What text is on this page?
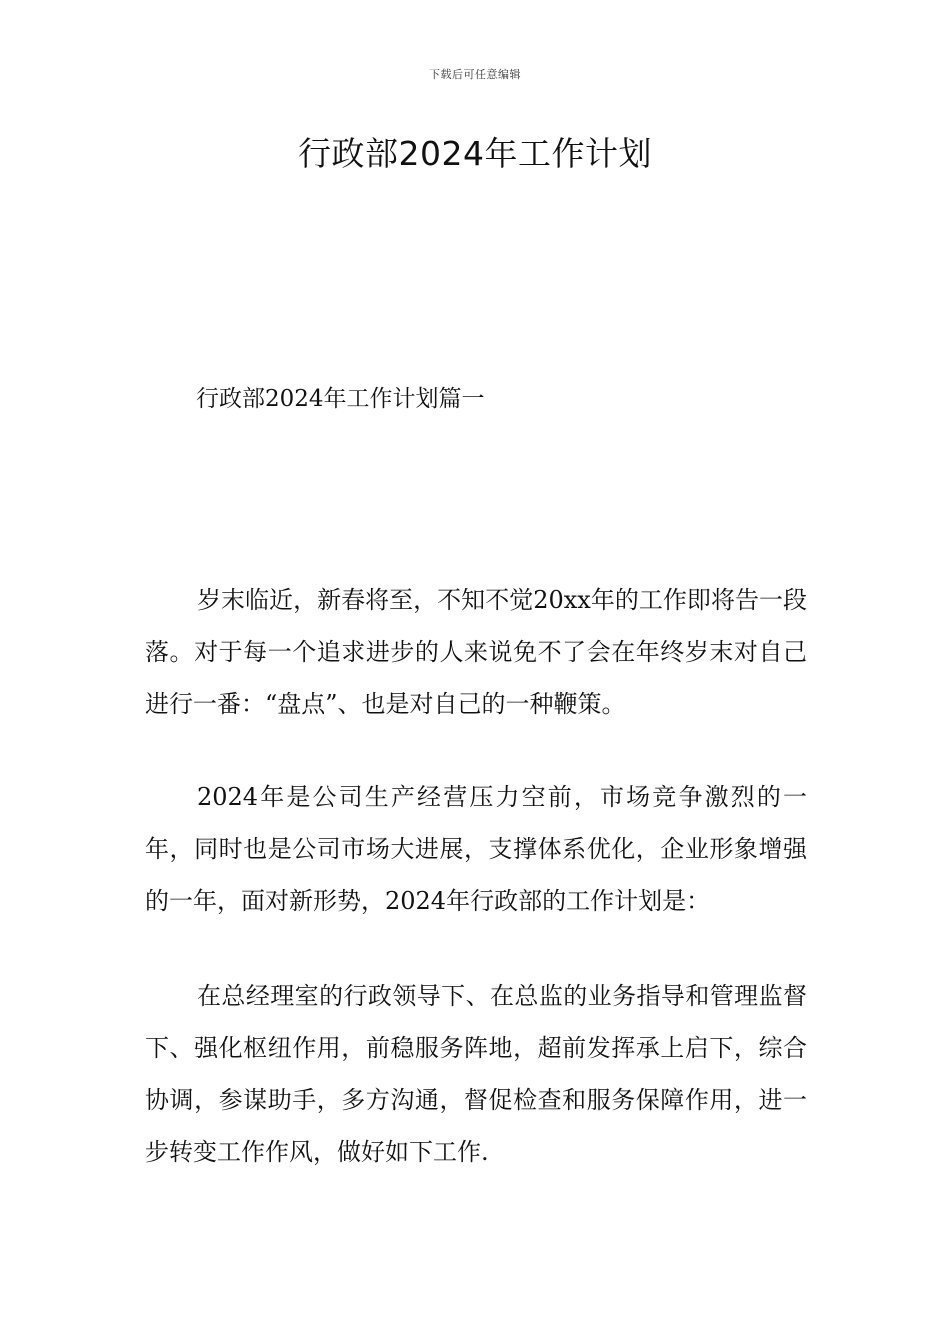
下载后可任意编辑
行政部2024年工作计划
行政部2024年工作计划篇一

岁末临近，新春将至，不知不觉20xx年的工作即将告一段落。对于每一个追求进步的人来说免不了会在年终岁末对自己进行一番：“盘点”、也是对自己的一种鞭策。

2024年是公司生产经营压力空前，市场竞争激烈的一年，同时也是公司市场大进展，支撑体系优化，企业形象增强的一年，面对新形势，2024年行政部的工作计划是：

在总经理室的行政领导下、在总监的业务指导和管理监督下、强化枢纽作用，前稳服务阵地，超前发挥承上启下，综合协调，参谋助手，多方沟通，督促检查和服务保障作用，进一步转变工作作风，做好如下工作.
